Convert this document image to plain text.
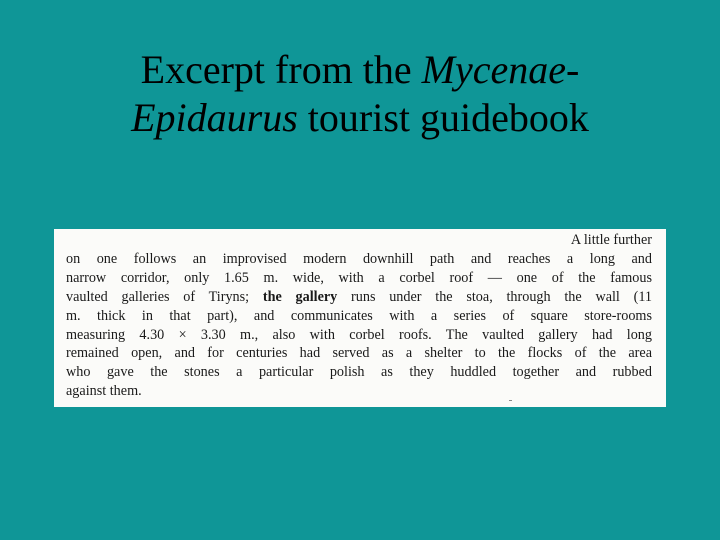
Excerpt from the Mycenae-
Epidaurus tourist guidebook
A little further
on one follows an improvised modern downhill path and reaches a long and
narrow corridor, only 1.65 m. wide, with a corbel roof — one of the famous
vaulted galleries of Tiryns; the gallery runs under the stoa, through the wall (11
m. thick in that part), and communicates with a series of square store-rooms
measuring 4.30 × 3.30 m., also with corbel roofs. The vaulted gallery had long
remained open, and for centuries had served as a shelter to the flocks of the area
who gave the stones a particular polish as they huddled together and rubbed
against them.
